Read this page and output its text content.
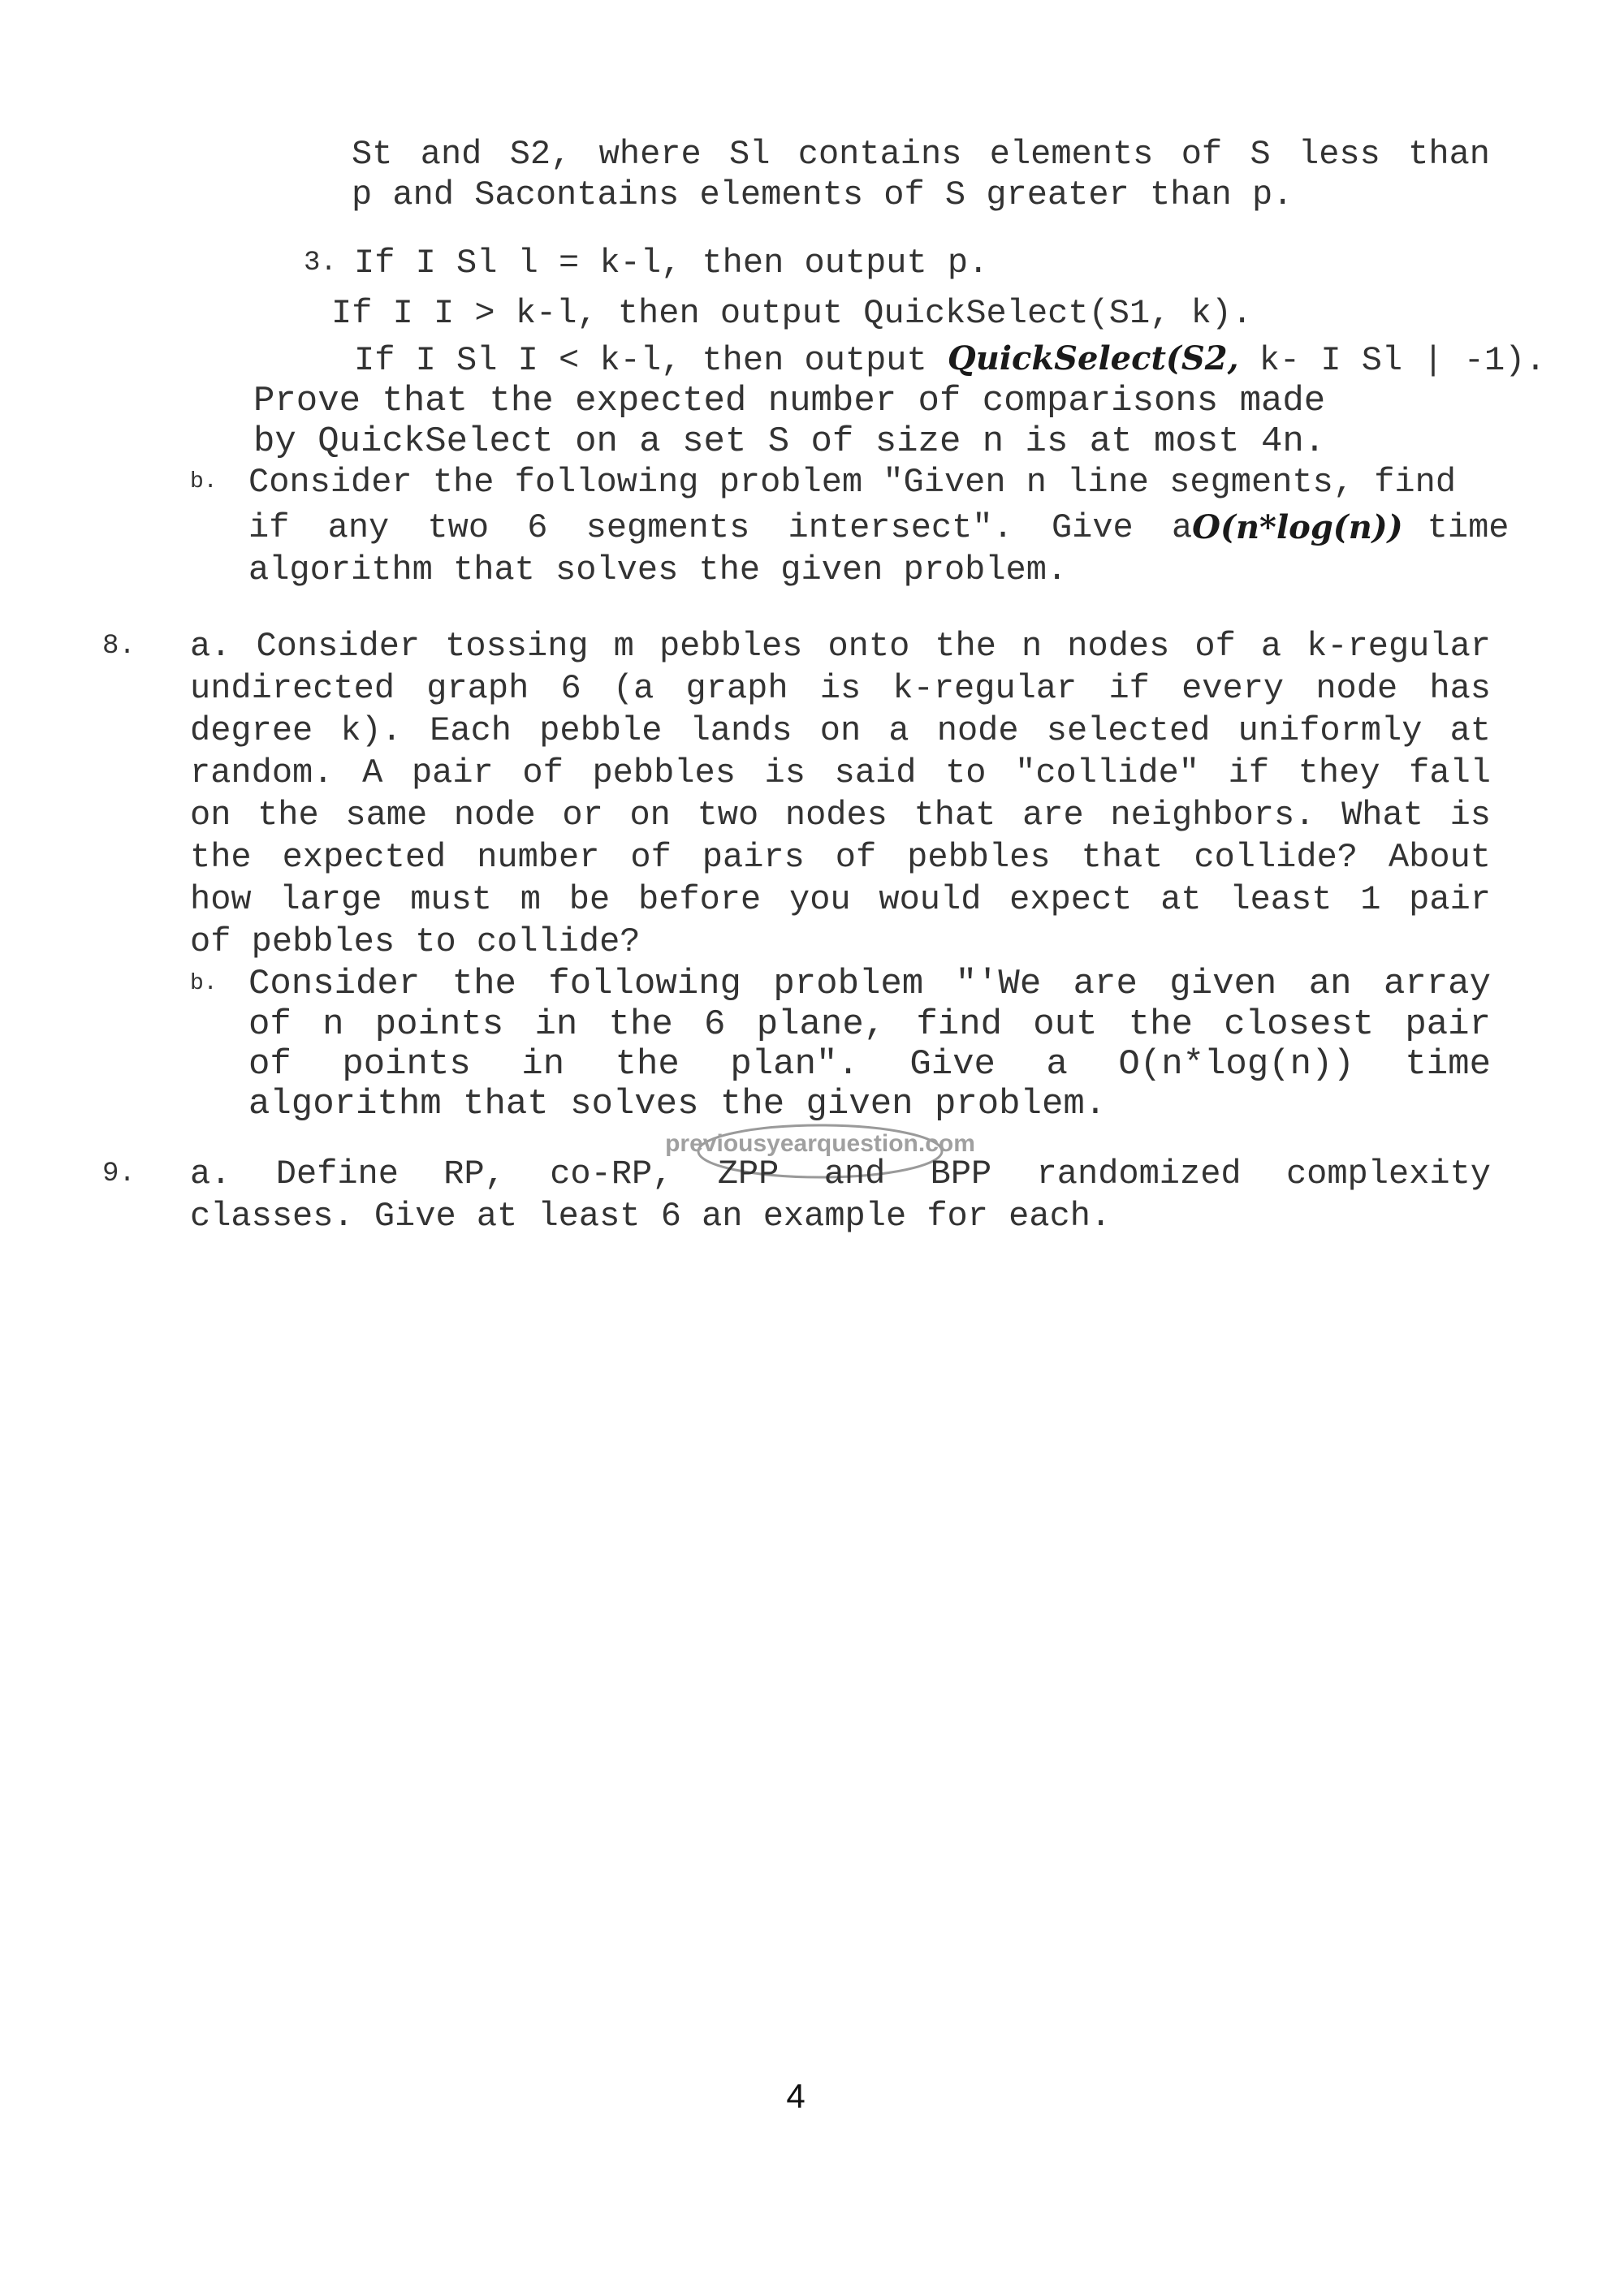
St and S2, where Sl contains elements of S less than
p and Sacontains elements of S greater than p.
3. If I Sl l = k-l, then output p.
If I I > k-l, then output QuickSelect(S1, k).
If I Sl I < k-l, then output QuickSelect(S2, k- I Sl | -1).
Prove that the expected number of comparisons made
by QuickSelect on a set S of size n is at most 4n.
b. Consider the following problem "Given n line segments, find
if any two 6 segments intersect". Give a O(n*log(n)) time
algorithm that solves the given problem.
8. a. Consider tossing m pebbles onto the n nodes of a k-regular
undirected graph 6 (a graph is k-regular if every node has
degree k). Each pebble lands on a node selected uniformly at
random. A pair of pebbles is said to "collide" if they fall
on the same node or on two nodes that are neighbors. What is
the expected number of pairs of pebbles that collide? About
how large must m be before you would expect at least 1 pair
of pebbles to collide?
b. Consider the following problem "'We are given an array
of n points in the 6 plane, find out the closest pair
of points in the plan". Give a O(n*log(n)) time
algorithm that solves the given problem.
previousyearquestion.com
9. a. Define RP, co-RP, ZPP and BPP randomized complexity
classes. Give at least 6 an example for each.
4
